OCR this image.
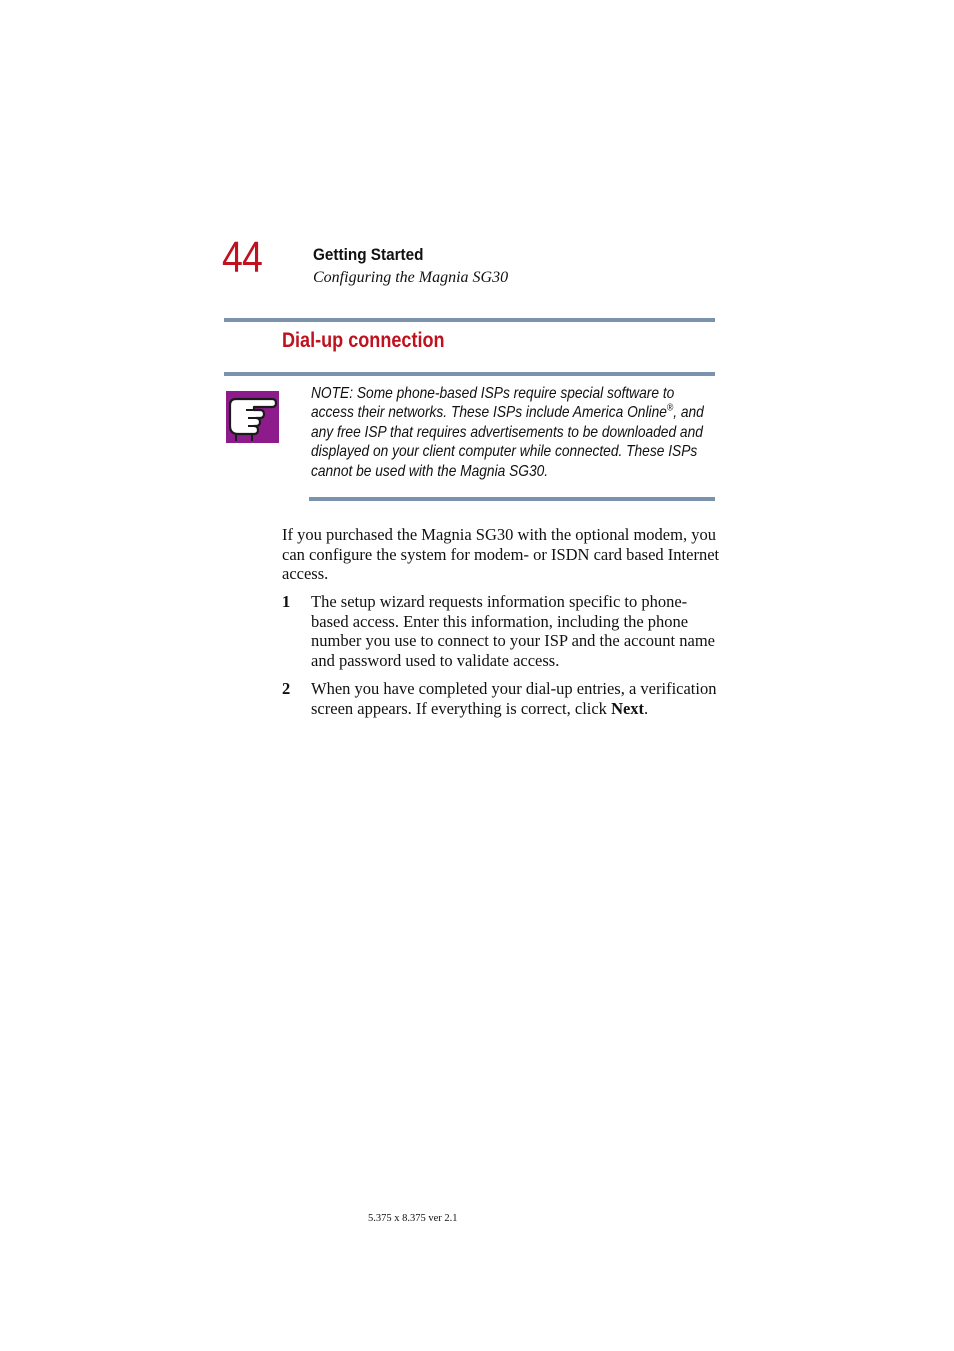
44	Getting Started
Configuring the Magnia SG30
Dial-up connection
NOTE: Some phone-based ISPs require special software to access their networks. These ISPs include America Online®, and any free ISP that requires advertisements to be downloaded and displayed on your client computer while connected. These ISPs cannot be used with the Magnia SG30.
If you purchased the Magnia SG30 with the optional modem, you can configure the system for modem- or ISDN card based Internet access.
1 The setup wizard requests information specific to phone-based access. Enter this information, including the phone number you use to connect to your ISP and the account name and password used to validate access.
2 When you have completed your dial-up entries, a verification screen appears. If everything is correct, click Next.
5.375 x 8.375 ver 2.1
